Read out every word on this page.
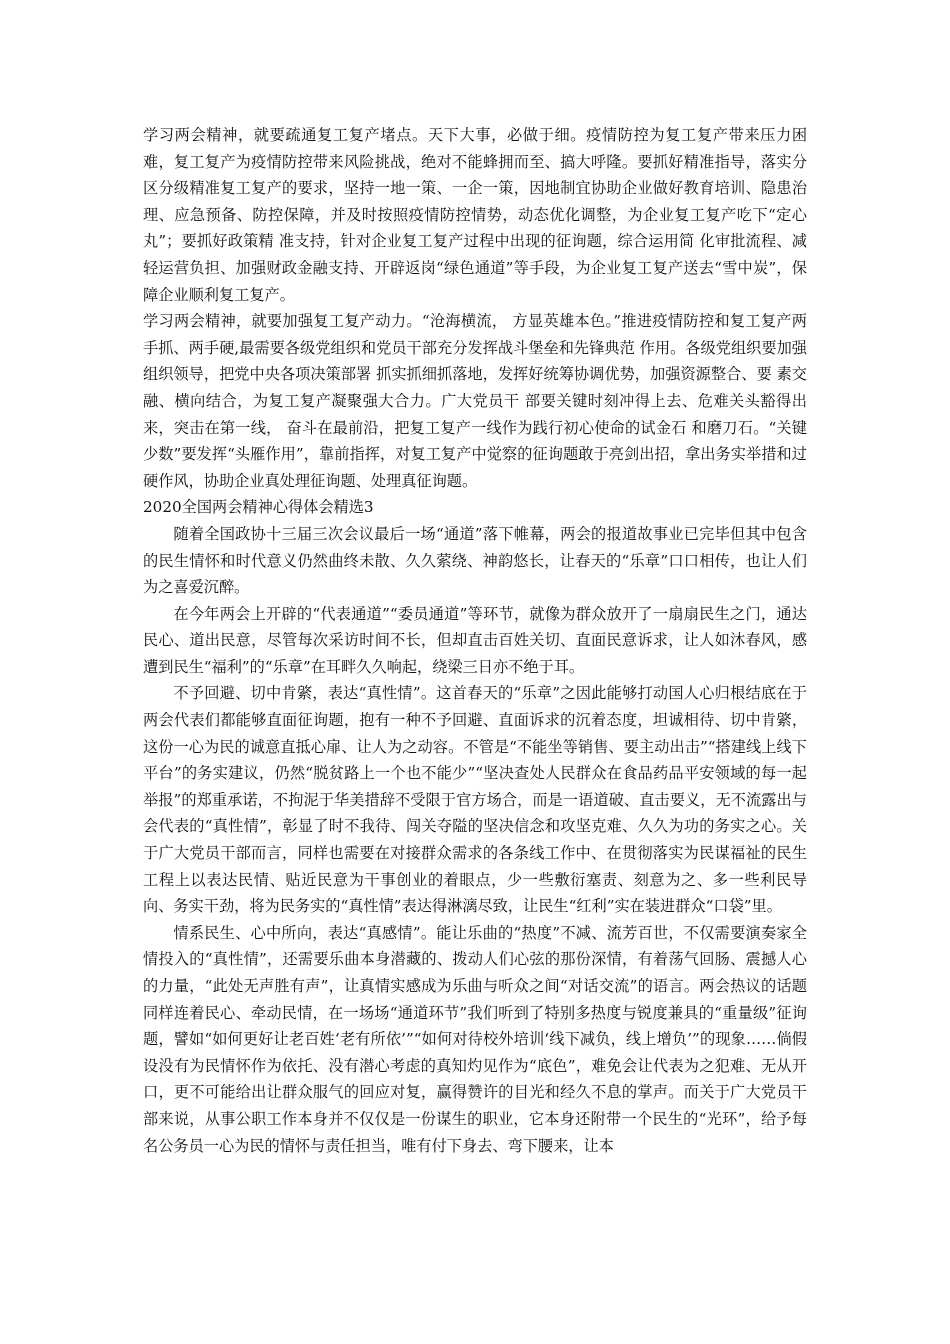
学习两会精神，就要疏通复工复产堵点。天下大事，必做于细。疫情防控为复工复产带来压力困难，复工复产为疫情防控带来风险挑战，绝对不能蜂拥而至、搞大呼隆。要抓好精准指导，落实分区分级精准复工复产的要求，坚持一地一策、一企一策，因地制宜协助企业做好教育培训、隐患治理、应急预备、防控保障，并及时按照疫情防控情势，动态优化调整，为企业复工复产吃下“定心丸”；要抓好政策精 准支持，针对企业复工复产过程中出现的征询题，综合运用简 化审批流程、减轻运营负担、加强财政金融支持、开辟返岗“绿色通道”等手段，为企业复工复产送去“雪中炭”，保障企业顺利复工复产。

学习两会精神，就要加强复工复产动力。“沧海横流， 方显英雄本色。”推进疫情防控和复工复产两手抓、两手硬,最需要各级党组织和党员干部充分发挥战斗堡垒和先锋典范 作用。各级党组织要加强组织领导，把党中央各项决策部署 抓实抓细抓落地，发挥好统筹协调优势，加强资源整合、要 素交融、横向结合，为复工复产凝聚强大合力。广大党员干 部要关键时刻冲得上去、危难关头豁得出来，突击在第一线， 奋斗在最前沿，把复工复产一线作为践行初心使命的试金石 和磨刀石。“关键少数”要发挥“头雁作用”，靠前指挥，对复工复产中觉察的征询题敢于亮剑出招，拿出务实举措和过硬作风，协助企业真处理征询题、处理真征询题。

2020全国两会精神心得体会精选3

随着全国政协十三届三次会议最后一场“通道”落下帷幕，两会的报道故事业已完毕但其中包含的民生情怀和时代意义仍然曲终未散、久久萦绕、神韵悠长，让春天的“乐章”口口相传，也让人们为之喜爱沉醉。

在今年两会上开辟的“代表通道”“委员通道”等环节，就像为群众放开了一扇扇民生之门，通达民心、道出民意，尽管每次采访时间不长，但却直击百姓关切、直面民意诉求，让人如沐春风，感遭到民生“福利”的“乐章”在耳畔久久响起，绕梁三日亦不绝于耳。

不予回避、切中肯綮，表达“真性情”。这首春天的“乐章”之因此能够打动国人心归根结底在于两会代表们都能够直面征询题，抱有一种不予回避、直面诉求的沉着态度，坦诚相待、切中肯綮，这份一心为民的诚意直抵心扉、让人为之动容。不管是“不能坐等销售、要主动出击”“搭建线上线下平台”的务实建议，仍然“脱贫路上一个也不能少”“坚决查处人民群众在食品药品平安领域的每一起举报”的郑重承诺，不拘泥于华美措辞不受限于官方场合，而是一语道破、直击要义，无不流露出与会代表的“真性情”，彰显了时不我待、闯关夺隘的坚决信念和攻坚克难、久久为功的务实之心。关于广大党员干部而言，同样也需要在对接群众需求的各条线工作中、在贯彻落实为民谋福祉的民生工程上以表达民情、贴近民意为干事创业的着眼点，少一些敷衍塞责、刻意为之、多一些利民导向、务实干劲，将为民务实的“真性情”表达得淋漓尽致，让民生“红利”实在装进群众“口袋”里。

情系民生、心中所向，表达“真感情”。能让乐曲的“热度”不减、流芳百世，不仅需要演奏家全情投入的“真性情”，还需要乐曲本身潜藏的、拨动人们心弦的那份深情，有着荡气回肠、震撼人心的力量，“此处无声胜有声”，让真情实感成为乐曲与听众之间“对话交流”的语言。两会热议的话题同样连着民心、牵动民情，在一场场“通道环节”我们听到了特别多热度与锐度兼具的“重量级”征询题，譬如“如何更好让老百姓‘老有所依’”“如何对待校外培训‘线下减负，线上增负’”的现象……倘假设没有为民情怀作为依托、没有潜心考虑的真知灼见作为“底色”，难免会让代表为之犯难、无从开口，更不可能给出让群众服气的回应对复，赢得赞许的目光和经久不息的掌声。而关于广大党员干部来说，从事公职工作本身并不仅仅是一份谋生的职业，它本身还附带一个民生的“光环”，给予每名公务员一心为民的情怀与责任担当，唯有付下身去、弯下腰来，让本
